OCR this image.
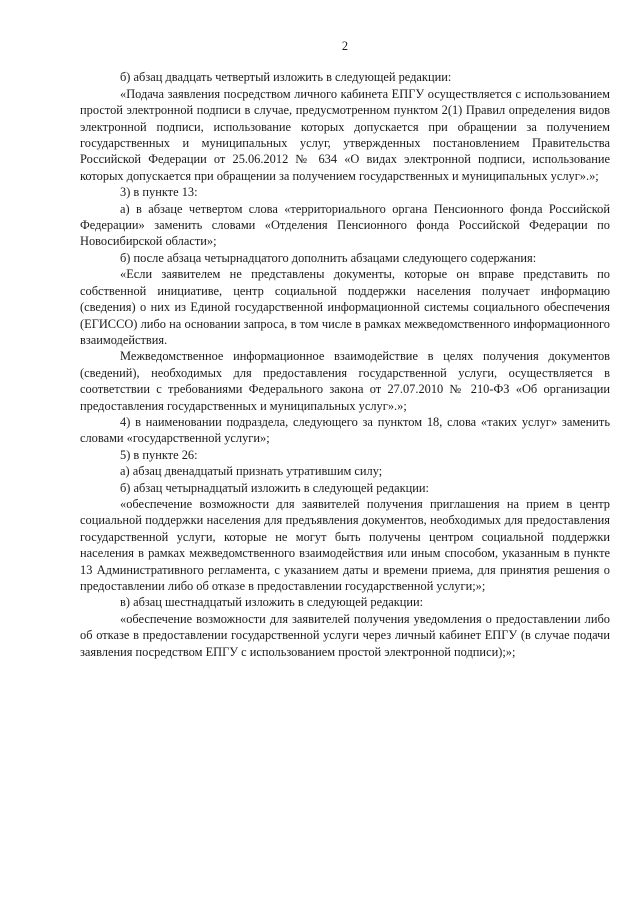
2

б) абзац двадцать четвертый изложить в следующей редакции:

«Подача заявления посредством личного кабинета ЕПГУ осуществляется с использованием простой электронной подписи в случае, предусмотренном пунктом 2(1) Правил определения видов электронной подписи, использование которых допускается при обращении за получением государственных и муниципальных услуг, утвержденных постановлением Правительства Российской Федерации от 25.06.2012 № 634 «О видах электронной подписи, использование которых допускается при обращении за получением государственных и муниципальных услуг».»;

3) в пункте 13:

а) в абзаце четвертом слова «территориального органа Пенсионного фонда Российской Федерации» заменить словами «Отделения Пенсионного фонда Российской Федерации по Новосибирской области»;

б) после абзаца четырнадцатого дополнить абзацами следующего содержания:

«Если заявителем не представлены документы, которые он вправе представить по собственной инициативе, центр социальной поддержки населения получает информацию (сведения) о них из Единой государственной информационной системы социального обеспечения (ЕГИССО) либо на основании запроса, в том числе в рамках межведомственного информационного взаимодействия.

Межведомственное информационное взаимодействие в целях получения документов (сведений), необходимых для предоставления государственной услуги, осуществляется в соответствии с требованиями Федерального закона от 27.07.2010 № 210-ФЗ «Об организации предоставления государственных и муниципальных услуг».»;

4) в наименовании подраздела, следующего за пунктом 18, слова «таких услуг» заменить словами «государственной услуги»;

5) в пункте 26:

а) абзац двенадцатый признать утратившим силу;

б) абзац четырнадцатый изложить в следующей редакции:

«обеспечение возможности для заявителей получения приглашения на прием в центр социальной поддержки населения для предъявления документов, необходимых для предоставления государственной услуги, которые не могут быть получены центром социальной поддержки населения в рамках межведомственного взаимодействия или иным способом, указанным в пункте 13 Административного регламента, с указанием даты и времени приема, для принятия решения о предоставлении либо об отказе в предоставлении государственной услуги;»;

в) абзац шестнадцатый изложить в следующей редакции:

«обеспечение возможности для заявителей получения уведомления о предоставлении либо об отказе в предоставлении государственной услуги через личный кабинет ЕПГУ (в случае подачи заявления посредством ЕПГУ с использованием простой электронной подписи);»;
